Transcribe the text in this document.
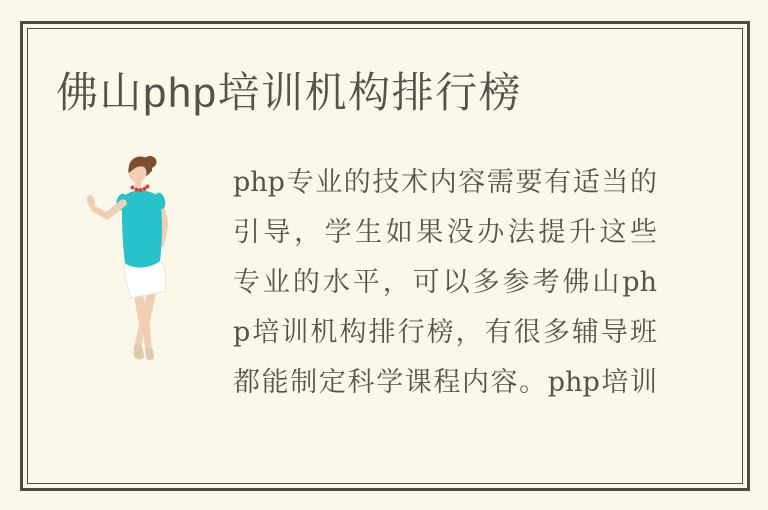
佛山php培训机构排行榜
php专业的技术内容需要有适当的
引导，学生如果没办法提升这些
专业的水平，可以多参考佛山ph
p培训机构排行榜，有很多辅导班
都能制定科学课程内容。php培训
